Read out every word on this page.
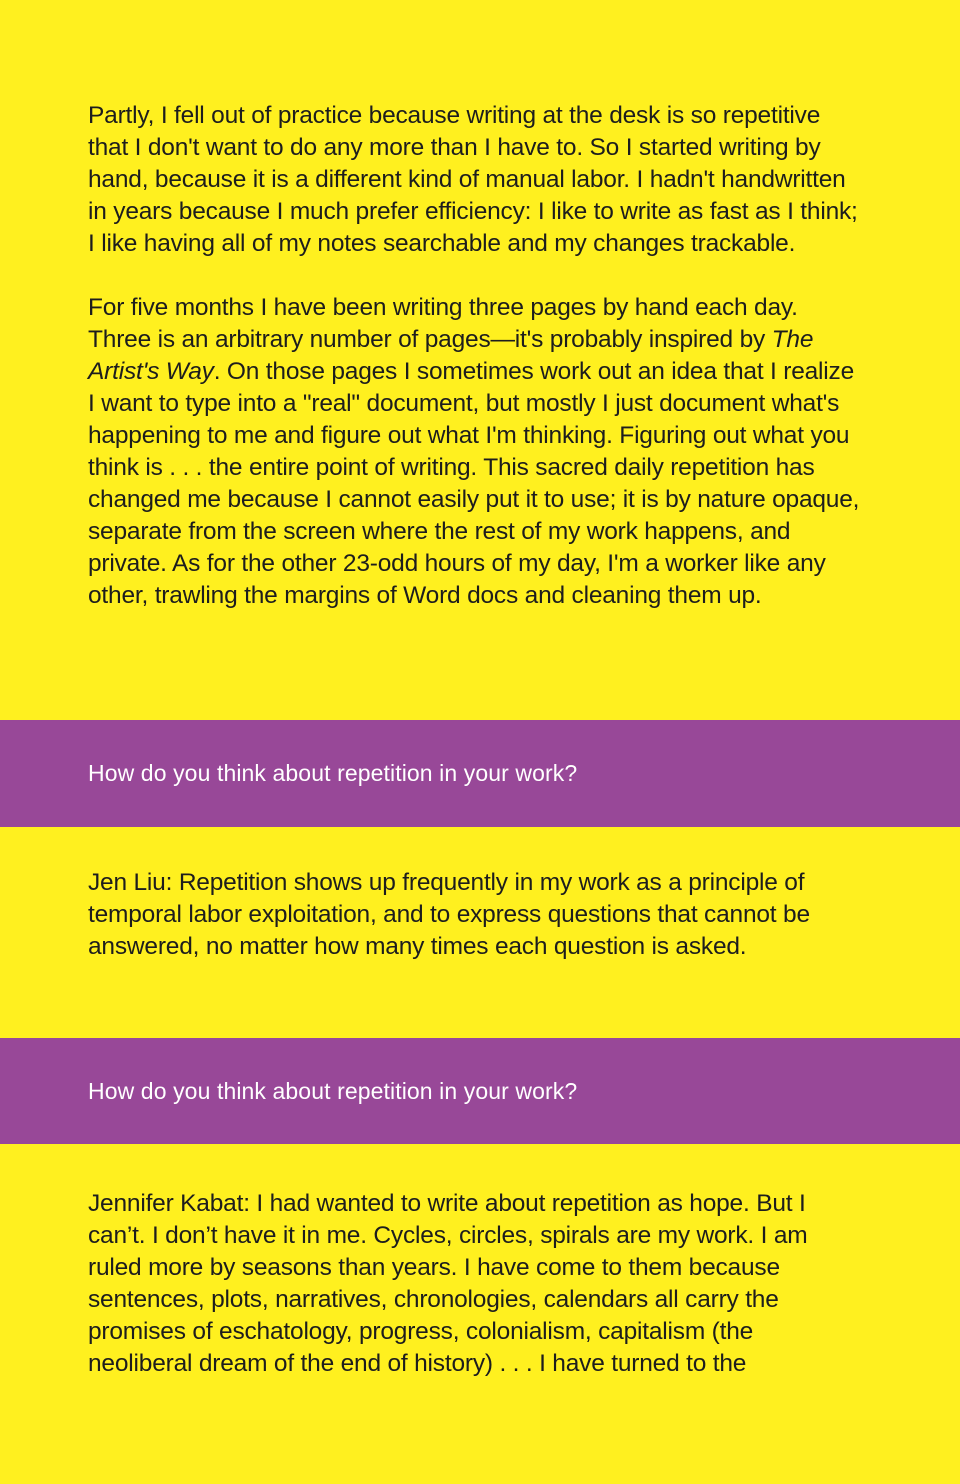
Partly, I fell out of practice because writing at the desk is so repetitive that I don't want to do any more than I have to. So I started writing by hand, because it is a different kind of manual labor. I hadn't handwritten in years because I much prefer efficiency: I like to write as fast as I think; I like having all of my notes searchable and my changes trackable.

For five months I have been writing three pages by hand each day. Three is an arbitrary number of pages—it's probably inspired by The Artist's Way. On those pages I sometimes work out an idea that I realize I want to type into a "real" document, but mostly I just document what's happening to me and figure out what I'm thinking. Figuring out what you think is . . . the entire point of writing. This sacred daily repetition has changed me because I cannot easily put it to use; it is by nature opaque, separate from the screen where the rest of my work happens, and private. As for the other 23-odd hours of my day, I'm a worker like any other, trawling the margins of Word docs and cleaning them up.

How do you think about repetition in your work?

Jen Liu: Repetition shows up frequently in my work as a principle of temporal labor exploitation, and to express questions that cannot be answered, no matter how many times each question is asked.

How do you think about repetition in your work?

Jennifer Kabat: I had wanted to write about repetition as hope. But I can’t. I don’t have it in me. Cycles, circles, spirals are my work. I am ruled more by seasons than years. I have come to them because sentences, plots, narratives, chronologies, calendars all carry the promises of eschatology, progress, colonialism, capitalism (the neoliberal dream of the end of history) . . . I have turned to the
